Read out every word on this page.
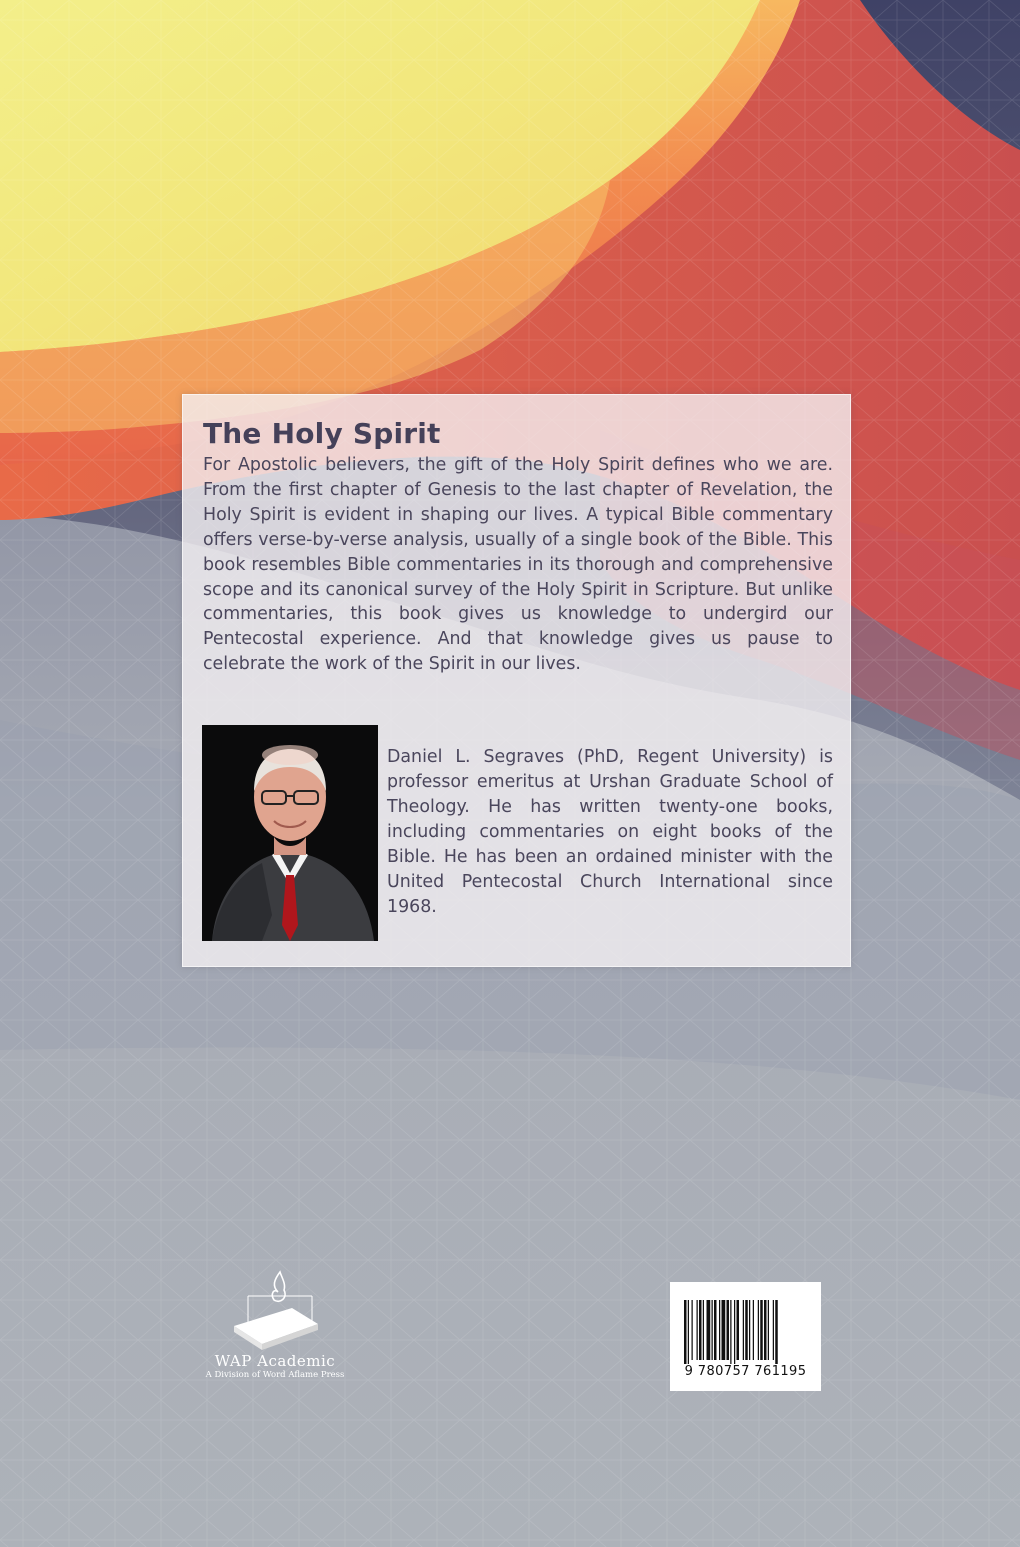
The Holy Spirit

For Apostolic believers, the gift of the Holy Spirit defines who we are. From the first chapter of Genesis to the last chapter of Revelation, the Holy Spirit is evident in shaping our lives. A typical Bible commentary offers verse-by-verse analysis, usually of a single book of the Bible. This book resembles Bible commentaries in its thorough and comprehensive scope and its canonical survey of the Holy Spirit in Scripture. But unlike commentaries, this book gives us knowledge to undergird our Pentecostal experience. And that knowledge gives us pause to celebrate the work of the Spirit in our lives.

Daniel L. Segraves (PhD, Regent University) is professor emeritus at Urshan Graduate School of Theology. He has written twenty-one books, including commentaries on eight books of the Bible. He has been an ordained minister with the United Pentecostal Church International since 1968.

WAP Academic
A Division of Word Aflame Press	9 780757 761195
